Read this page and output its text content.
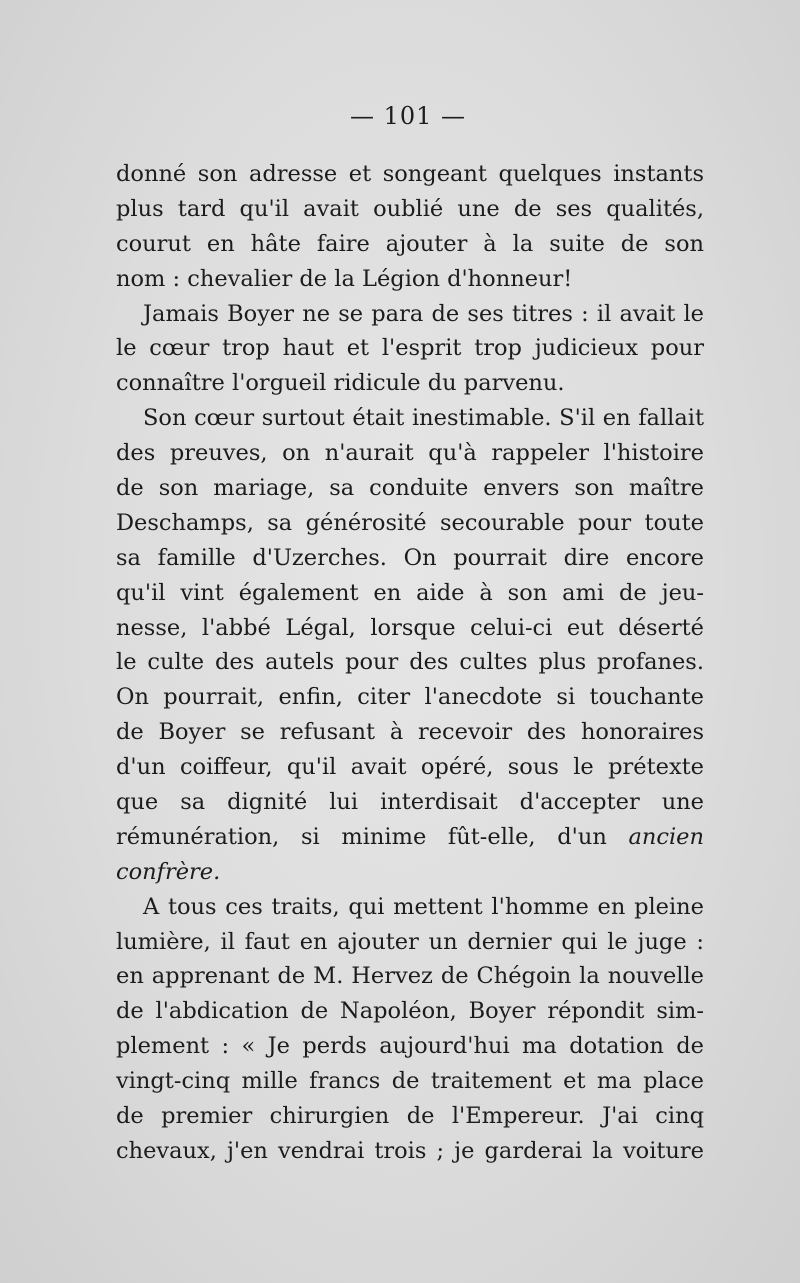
— 101 —
donné son adresse et songeant quelques instants
plus tard qu'il avait oublié une de ses qualités,
courut en hâte faire ajouter à la suite de son
nom : chevalier de la Légion d'honneur!
Jamais Boyer ne se para de ses titres : il avait le
le cœur trop haut et l'esprit trop judicieux pour
connaître l'orgueil ridicule du parvenu.
Son cœur surtout était inestimable. S'il en fallait
des preuves, on n'aurait qu'à rappeler l'histoire
de son mariage, sa conduite envers son maître
Deschamps, sa générosité secourable pour toute
sa famille d'Uzerches. On pourrait dire encore
qu'il vint également en aide à son ami de jeu-
nesse, l'abbé Légal, lorsque celui-ci eut déserté
le culte des autels pour des cultes plus profanes.
On pourrait, enfin, citer l'anecdote si touchante
de Boyer se refusant à recevoir des honoraires
d'un coiffeur, qu'il avait opéré, sous le prétexte
que sa dignité lui interdisait d'accepter une
rémunération, si minime fût-elle, d'un ancien
confrère.
A tous ces traits, qui mettent l'homme en pleine
lumière, il faut en ajouter un dernier qui le juge :
en apprenant de M. Hervez de Chégoin la nouvelle
de l'abdication de Napoléon, Boyer répondit sim-
plement : « Je perds aujourd'hui ma dotation de
vingt-cinq mille francs de traitement et ma place
de premier chirurgien de l'Empereur. J'ai cinq
chevaux, j'en vendrai trois ; je garderai la voiture
